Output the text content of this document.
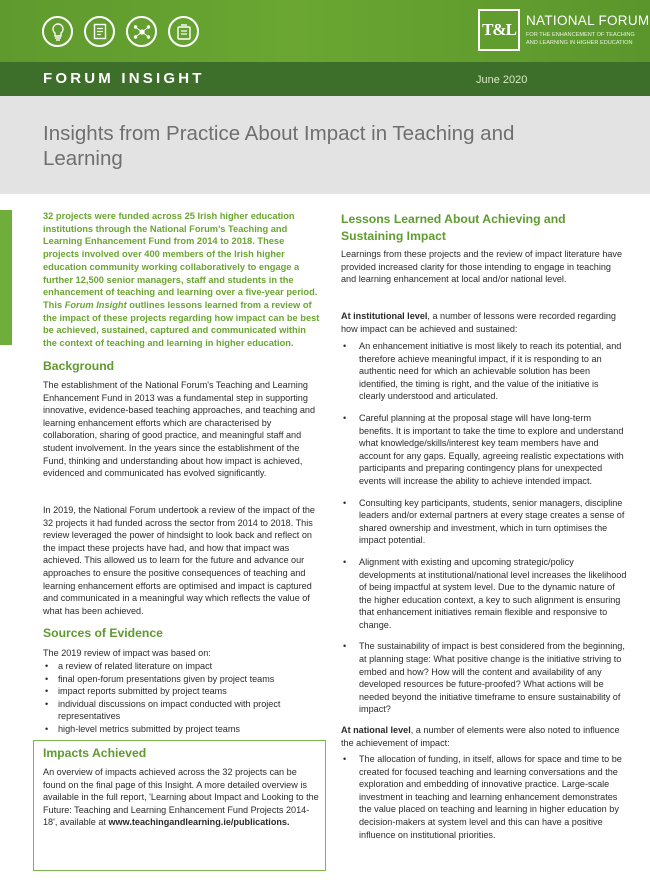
T&L NATIONAL FORUM
FOR THE ENHANCEMENT OF TEACHING AND LEARNING IN HIGHER EDUCATION
FORUM INSIGHT	June 2020
Insights from Practice About Impact in Teaching and Learning

32 projects were funded across 25 Irish higher education institutions through the National Forum's Teaching and Learning Enhancement Fund from 2014 to 2018. These projects involved over 400 members of the Irish higher education community working collaboratively to engage a further 12,500 senior managers, staff and students in the enhancement of teaching and learning over a five-year period. This Forum Insight outlines lessons learned from a review of the impact of these projects regarding how impact can be best be achieved, sustained, captured and communicated within the context of teaching and learning in higher education.

Background

The establishment of the National Forum's Teaching and Learning Enhancement Fund in 2013 was a fundamental step in supporting innovative, evidence-based teaching approaches, and teaching and learning enhancement efforts which are characterised by collaboration, sharing of good practice, and meaningful staff and student involvement. In the years since the establishment of the Fund, thinking and understanding about how impact is achieved, evidenced and communicated has evolved significantly.

In 2019, the National Forum undertook a review of the impact of the 32 projects it had funded across the sector from 2014 to 2018. This review leveraged the power of hindsight to look back and reflect on the impact these projects have had, and how that impact was achieved. This allowed us to learn for the future and advance our approaches to ensure the positive consequences of teaching and learning enhancement efforts are optimised and impact is captured and communicated in a meaningful way which reflects the value of what has been achieved.

Sources of Evidence

The 2019 review of impact was based on:

• a review of related literature on impact
• final open-forum presentations given by project teams
• impact reports submitted by project teams
• individual discussions on impact conducted with project representatives
• high-level metrics submitted by project teams
Impacts Achieved

An overview of impacts achieved across the 32 projects can be found on the final page of this Insight. A more detailed overview is available in the full report, 'Learning about Impact and Looking to the Future: Teaching and Learning Enhancement Fund Projects 2014-18', available at www.teachingandlearning.ie/publications.

Lessons Learned About Achieving and Sustaining Impact

Learnings from these projects and the review of impact literature have provided increased clarity for those intending to engage in teaching and learning enhancement at local and/or national level.

At institutional level, a number of lessons were recorded regarding how impact can be achieved and sustained:

• An enhancement initiative is most likely to reach its potential, and therefore achieve meaningful impact, if it is responding to an authentic need for which an achievable solution has been identified, the timing is right, and the value of the initiative is clearly understood and articulated.
• Careful planning at the proposal stage will have long-term benefits. It is important to take the time to explore and understand what knowledge/skills/interest key team members have and account for any gaps. Equally, agreeing realistic expectations with participants and preparing contingency plans for unexpected events will increase the ability to achieve intended impact.
• Consulting key participants, students, senior managers, discipline leaders and/or external partners at every stage creates a sense of shared ownership and investment, which in turn optimises the impact potential.
• Alignment with existing and upcoming strategic/policy developments at institutional/national level increases the likelihood of being impactful at system level. Due to the dynamic nature of the higher education context, a key to such alignment is ensuring that enhancement initiatives remain flexible and responsive to change.
• The sustainability of impact is best considered from the beginning, at planning stage: What positive change is the initiative striving to embed and how? How will the content and availability of any developed resources be future-proofed? What actions will be needed beyond the initiative timeframe to ensure sustainability of impact?

At national level, a number of elements were also noted to influence the achievement of impact:

• The allocation of funding, in itself, allows for space and time to be created for focused teaching and learning conversations and the exploration and embedding of innovative practice. Large-scale investment in teaching and learning enhancement demonstrates the value placed on teaching and learning in higher education by decision-makers at system level and this can have a positive influence on institutional priorities.
